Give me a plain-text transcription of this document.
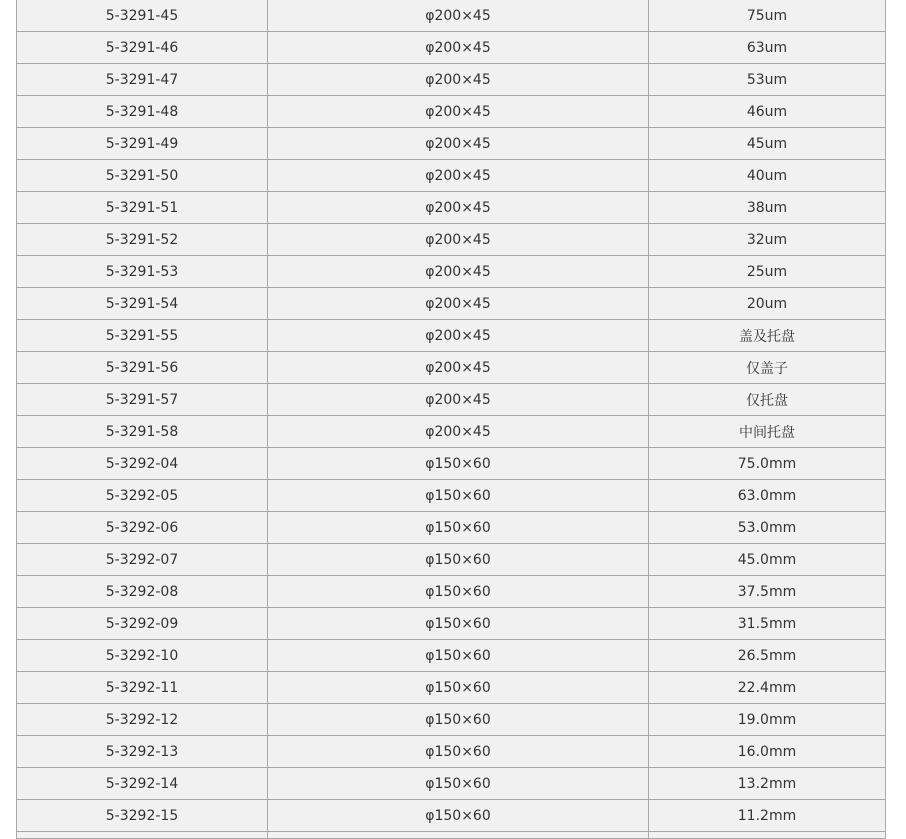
5-3291-45	φ200×45	75um
5-3291-46	φ200×45	63um
5-3291-47	φ200×45	53um
5-3291-48	φ200×45	46um
5-3291-49	φ200×45	45um
5-3291-50	φ200×45	40um
5-3291-51	φ200×45	38um
5-3291-52	φ200×45	32um
5-3291-53	φ200×45	25um
5-3291-54	φ200×45	20um
5-3291-55	φ200×45	盖及托盘
5-3291-56	φ200×45	仅盖子
5-3291-57	φ200×45	仅托盘
5-3291-58	φ200×45	中间托盘
5-3292-04	φ150×60	75.0mm
5-3292-05	φ150×60	63.0mm
5-3292-06	φ150×60	53.0mm
5-3292-07	φ150×60	45.0mm
5-3292-08	φ150×60	37.5mm
5-3292-09	φ150×60	31.5mm
5-3292-10	φ150×60	26.5mm
5-3292-11	φ150×60	22.4mm
5-3292-12	φ150×60	19.0mm
5-3292-13	φ150×60	16.0mm
5-3292-14	φ150×60	13.2mm
5-3292-15	φ150×60	11.2mm
